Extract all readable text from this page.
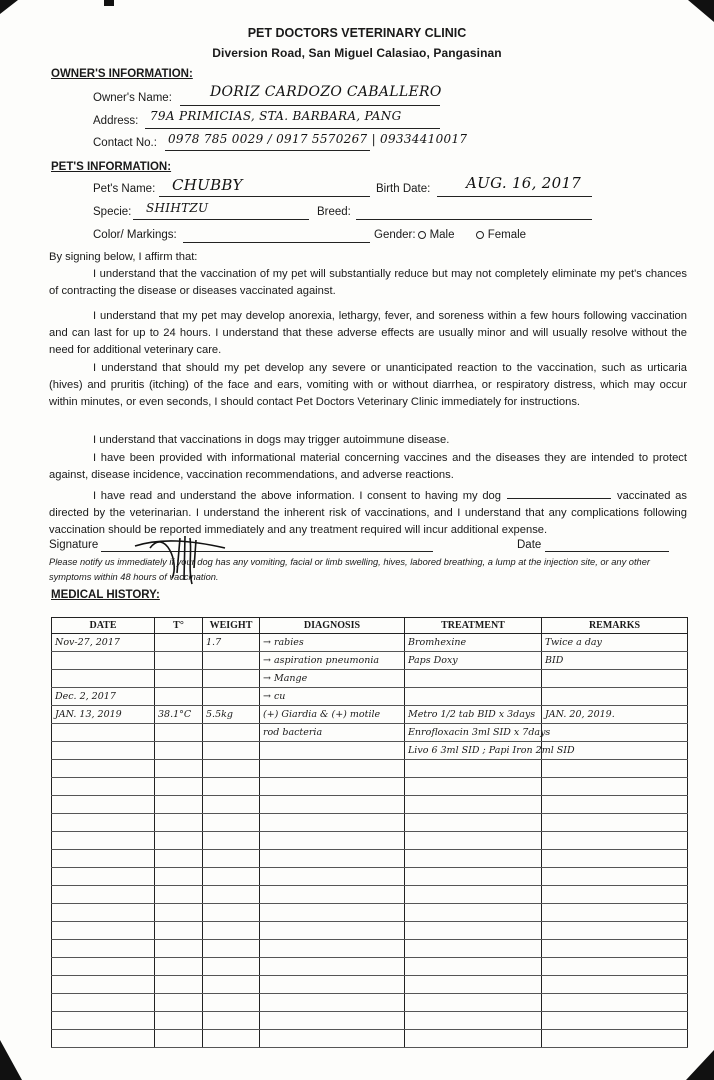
PET DOCTORS VETERINARY CLINIC
Diversion Road, San Miguel Calasiao, Pangasinan
OWNER'S INFORMATION:
Owner's Name:	DORIZ CARDOZO CABALLERO
Address: 79A PRIMICIAS, STA. BARBARA, PANG
Contact No.: 0978 785 0029 / 0917 5570267 | 09334410017
PET'S INFORMATION:
Pet's Name: CHUBBY	Birth Date: AUG. 16, 2017
Specie: SHIHTZU	Breed:
Color/ Markings:	Gender: Male	Female
By signing below, I affirm that:
I understand that the vaccination of my pet will substantially reduce but may not completely eliminate my pet's chances of contracting the disease or diseases vaccinated against.
I understand that my pet may develop anorexia, lethargy, fever, and soreness within a few hours following vaccination and can last for up to 24 hours. I understand that these adverse effects are usually minor and will usually resolve without the need for additional veterinary care.
I understand that should my pet develop any severe or unanticipated reaction to the vaccination, such as urticaria (hives) and pruritis (itching) of the face and ears, vomiting with or without diarrhea, or respiratory distress, which may occur within minutes, or even seconds, I should contact Pet Doctors Veterinary Clinic immediately for instructions.
I understand that vaccinations in dogs may trigger autoimmune disease.
I have been provided with informational material concerning vaccines and the diseases they are intended to protect against, disease incidence, vaccination recommendations, and adverse reactions.
I have read and understand the above information. I consent to having my dog	vaccinated as directed by the veterinarian. I understand the inherent risk of vaccinations, and I understand that any complications following vaccination should be reported immediately and any treatment required will incur additional expense.
Signature	Date
Please notify us immediately if your dog has any vomiting, facial or limb swelling, hives, labored breathing, a lump at the injection site, or any other symptoms within 48 hours of vaccination.
MEDICAL HISTORY:
DATE	T°	WEIGHT	DIAGNOSIS	TREATMENT	REMARKS
Nov-27, 2017		1.7	→ rabies	Bromhexine	Twice a day
			→ aspiration pneumonia	Paps Doxy	BID
			→ Mange		
Dec. 2, 2017			→ cu		
JAN. 13, 2019	38.1°C	5.5kg	(+) Giardia & (+) motile	Metro 1/2 tab BID x 3days	JAN. 20, 2019.
			rod bacteria	Enrofloxacin 3ml SID x 7days	
				Livo 6 3ml SID ; Papi Iron 2ml SID	
